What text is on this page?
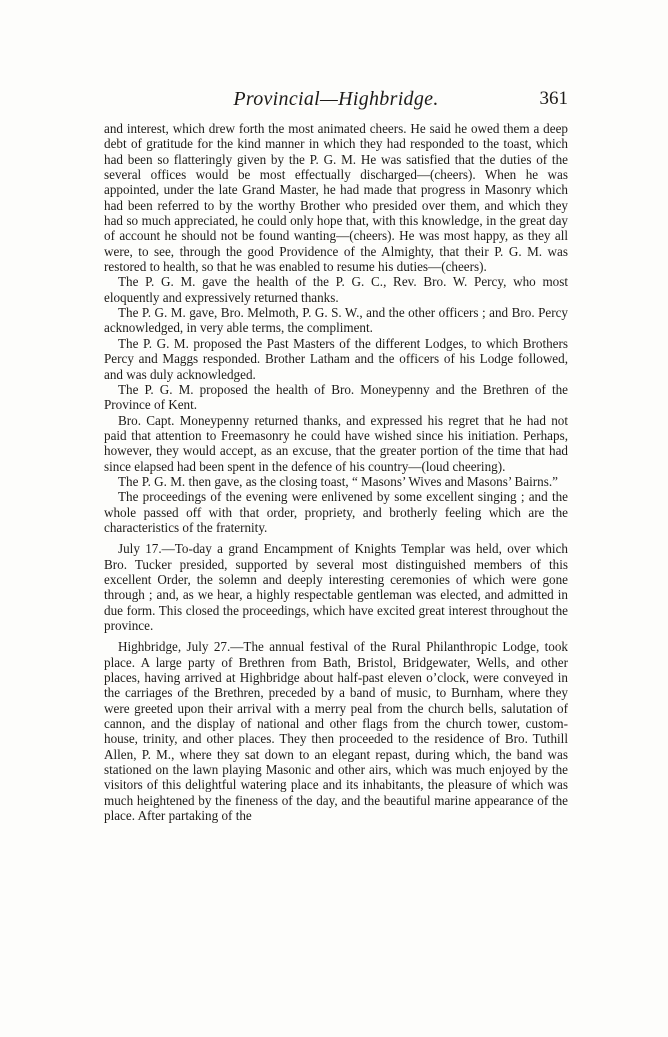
Provincial—Highbridge.	361

and interest, which drew forth the most animated cheers. He said he owed them a deep debt of gratitude for the kind manner in which they had responded to the toast, which had been so flatteringly given by the P. G. M. He was satisfied that the duties of the several offices would be most effectually discharged—(cheers). When he was appointed, under the late Grand Master, he had made that progress in Masonry which had been referred to by the worthy Brother who presided over them, and which they had so much appreciated, he could only hope that, with this knowledge, in the great day of account he should not be found wanting—(cheers). He was most happy, as they all were, to see, through the good Providence of the Almighty, that their P. G. M. was restored to health, so that he was enabled to resume his duties—(cheers).

The P. G. M. gave the health of the P. G. C., Rev. Bro. W. Percy, who most eloquently and expressively returned thanks.

The P. G. M. gave, Bro. Melmoth, P. G. S. W., and the other officers ; and Bro. Percy acknowledged, in very able terms, the compliment.

The P. G. M. proposed the Past Masters of the different Lodges, to which Brothers Percy and Maggs responded. Brother Latham and the officers of his Lodge followed, and was duly acknowledged.

The P. G. M. proposed the health of Bro. Moneypenny and the Brethren of the Province of Kent.

Bro. Capt. Moneypenny returned thanks, and expressed his regret that he had not paid that attention to Freemasonry he could have wished since his initiation. Perhaps, however, they would accept, as an excuse, that the greater portion of the time that had since elapsed had been spent in the defence of his country—(loud cheering).

The P. G. M. then gave, as the closing toast, “ Masons’ Wives and Masons’ Bairns.”

The proceedings of the evening were enlivened by some excellent singing ; and the whole passed off with that order, propriety, and brotherly feeling which are the characteristics of the fraternity.

July 17.—To-day a grand Encampment of Knights Templar was held, over which Bro. Tucker presided, supported by several most distinguished members of this excellent Order, the solemn and deeply interesting ceremonies of which were gone through ; and, as we hear, a highly respectable gentleman was elected, and admitted in due form. This closed the proceedings, which have excited great interest throughout the province.

Highbridge, July 27.—The annual festival of the Rural Philanthropic Lodge, took place. A large party of Brethren from Bath, Bristol, Bridgewater, Wells, and other places, having arrived at Highbridge about half-past eleven o’clock, were conveyed in the carriages of the Brethren, preceded by a band of music, to Burnham, where they were greeted upon their arrival with a merry peal from the church bells, salutation of cannon, and the display of national and other flags from the church tower, custom-house, trinity, and other places. They then proceeded to the residence of Bro. Tuthill Allen, P. M., where they sat down to an elegant repast, during which, the band was stationed on the lawn playing Masonic and other airs, which was much enjoyed by the visitors of this delightful watering place and its inhabitants, the pleasure of which was much heightened by the fineness of the day, and the beautiful marine appearance of the place. After partaking of the
